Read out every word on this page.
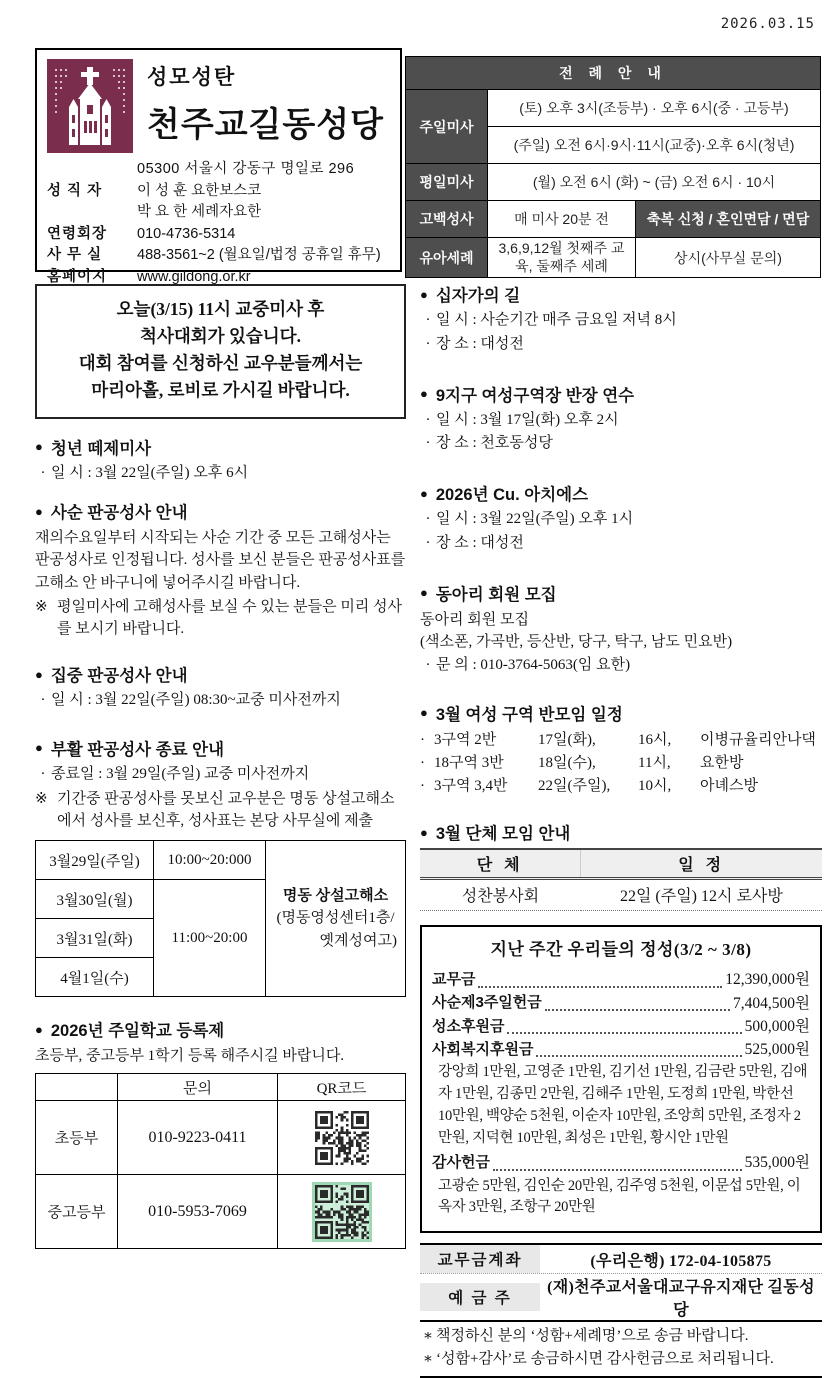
2026.03.15
성모성탄
천주교길동성당
05300 서울시 강동구 명일로 296
성 직 자	이 성 훈 요한보스코
박 요 한 세례자요한
연령회장	010-4736-5314
사 무 실	488-3561~2 (월요일/법정 공휴일 휴무)
홈페이지	www.gildong.or.kr
전 례 안 내		
주일미사	(토) 오후 3시(조등부) · 오후 6시(중 · 고등부)	
	(주일) 오전 6시·9시·11시(교중)·오후 6시(청년)	
평일미사	(월) 오전 6시 (화) ~ (금) 오전 6시 · 10시	
고백성사	매 미사 20분 전	축복 신청 / 혼인면담 / 면담
유아세례	3,6,9,12월 첫째주 교육, 둘째주 세례	상시(사무실 문의)
오늘(3/15) 11시 교중미사 후
척사대회가 있습니다.
대회 참여를 신청하신 교우분들께서는
마리아홀, 로비로 가시길 바랍니다.
● 청년 떼제미사
· 일 시 : 3월 22일(주일) 오후 6시
● 사순 판공성사 안내
재의수요일부터 시작되는 사순 기간 중 모든 고해성사는 판공성사로 인정됩니다. 성사를 보신 분들은 판공성사표를 고해소 안 바구니에 넣어주시길 바랍니다.
※ 평일미사에 고해성사를 보실 수 있는 분들은 미리 성사를 보시기 바랍니다.
● 집중 판공성사 안내
· 일 시 : 3월 22일(주일) 08:30~교중 미사전까지
● 부활 판공성사 종료 안내
· 종료일 : 3월 29일(주일) 교중 미사전까지
※ 기간중 판공성사를 못보신 교우분은 명동 상설고해소에서 성사를 보신후, 성사표는 본당 사무실에 제출
3월29일(주일)	10:00~20:000	명동 상설고해소
(명동영성센터1층/
옛계성여고)

3월30일(월)	11:00~20:00	
3월31일(화)		
4월1일(수)		
● 2026년 주일학교 등록제
초등부, 중고등부 1학기 등록 해주시길 바랍니다.
	문의	QR코드
초등부	010-9223-0411	

중고등부	010-5953-7069	
● 십자가의 길
· 일 시 : 사순기간 매주 금요일 저녁 8시
· 장 소 : 대성전
● 9지구 여성구역장 반장 연수
· 일 시 : 3월 17일(화) 오후 2시
· 장 소 : 천호동성당
● 2026년 Cu. 아치에스
· 일 시 : 3월 22일(주일) 오후 1시
· 장 소 : 대성전
● 동아리 회원 모집
동아리 회원 모집
(색소폰, 가곡반, 등산반, 당구, 탁구, 남도 민요반)
· 문 의 : 010-3764-5063(임 요한)
● 3월 여성 구역 반모임 일정
· 3구역 2반	17일(화),	16시,	이병규율리안나댁
· 18구역 3반 18일(수),	11시,	요한방
· 3구역 3,4반 22일(주일),	10시,	아녜스방
● 3월 단체 모임 안내
단 체	일 정
성찬봉사회	22일 (주일) 12시 로사방
지난 주간 우리들의 정성(3/2 ~ 3/8)
교무금	12,390,000원
사순제3주일헌금	7,404,500원
성소후원금	500,000원
사회복지후원금	525,000원
강앙희 1만원, 고영준 1만원, 김기선 1만원, 김금란 5만원, 김애자 1만원, 김종민 2만원, 김해주 1만원, 도정희 1만원, 박한선 10만원, 백양순 5천원, 이순자 10만원, 조앙희 5만원, 조정자 2만원, 지덕현 10만원, 최성은 1만원, 황시안 1만원
감사헌금	535,000원
고광순 5만원, 김인순 20만원, 김주영 5천원, 이문섭 5만원, 이옥자 3만원, 조항구 20만원
교무금계좌	(우리은행) 172-04-105875
예 금 주
(재)천주교서울대교구유지재단 길동성당
∗ 책정하신 분의 ‘성함+세례명’으로 송금 바랍니다.
∗ ‘성함+감사’로 송금하시면 감사헌금으로 처리됩니다.
